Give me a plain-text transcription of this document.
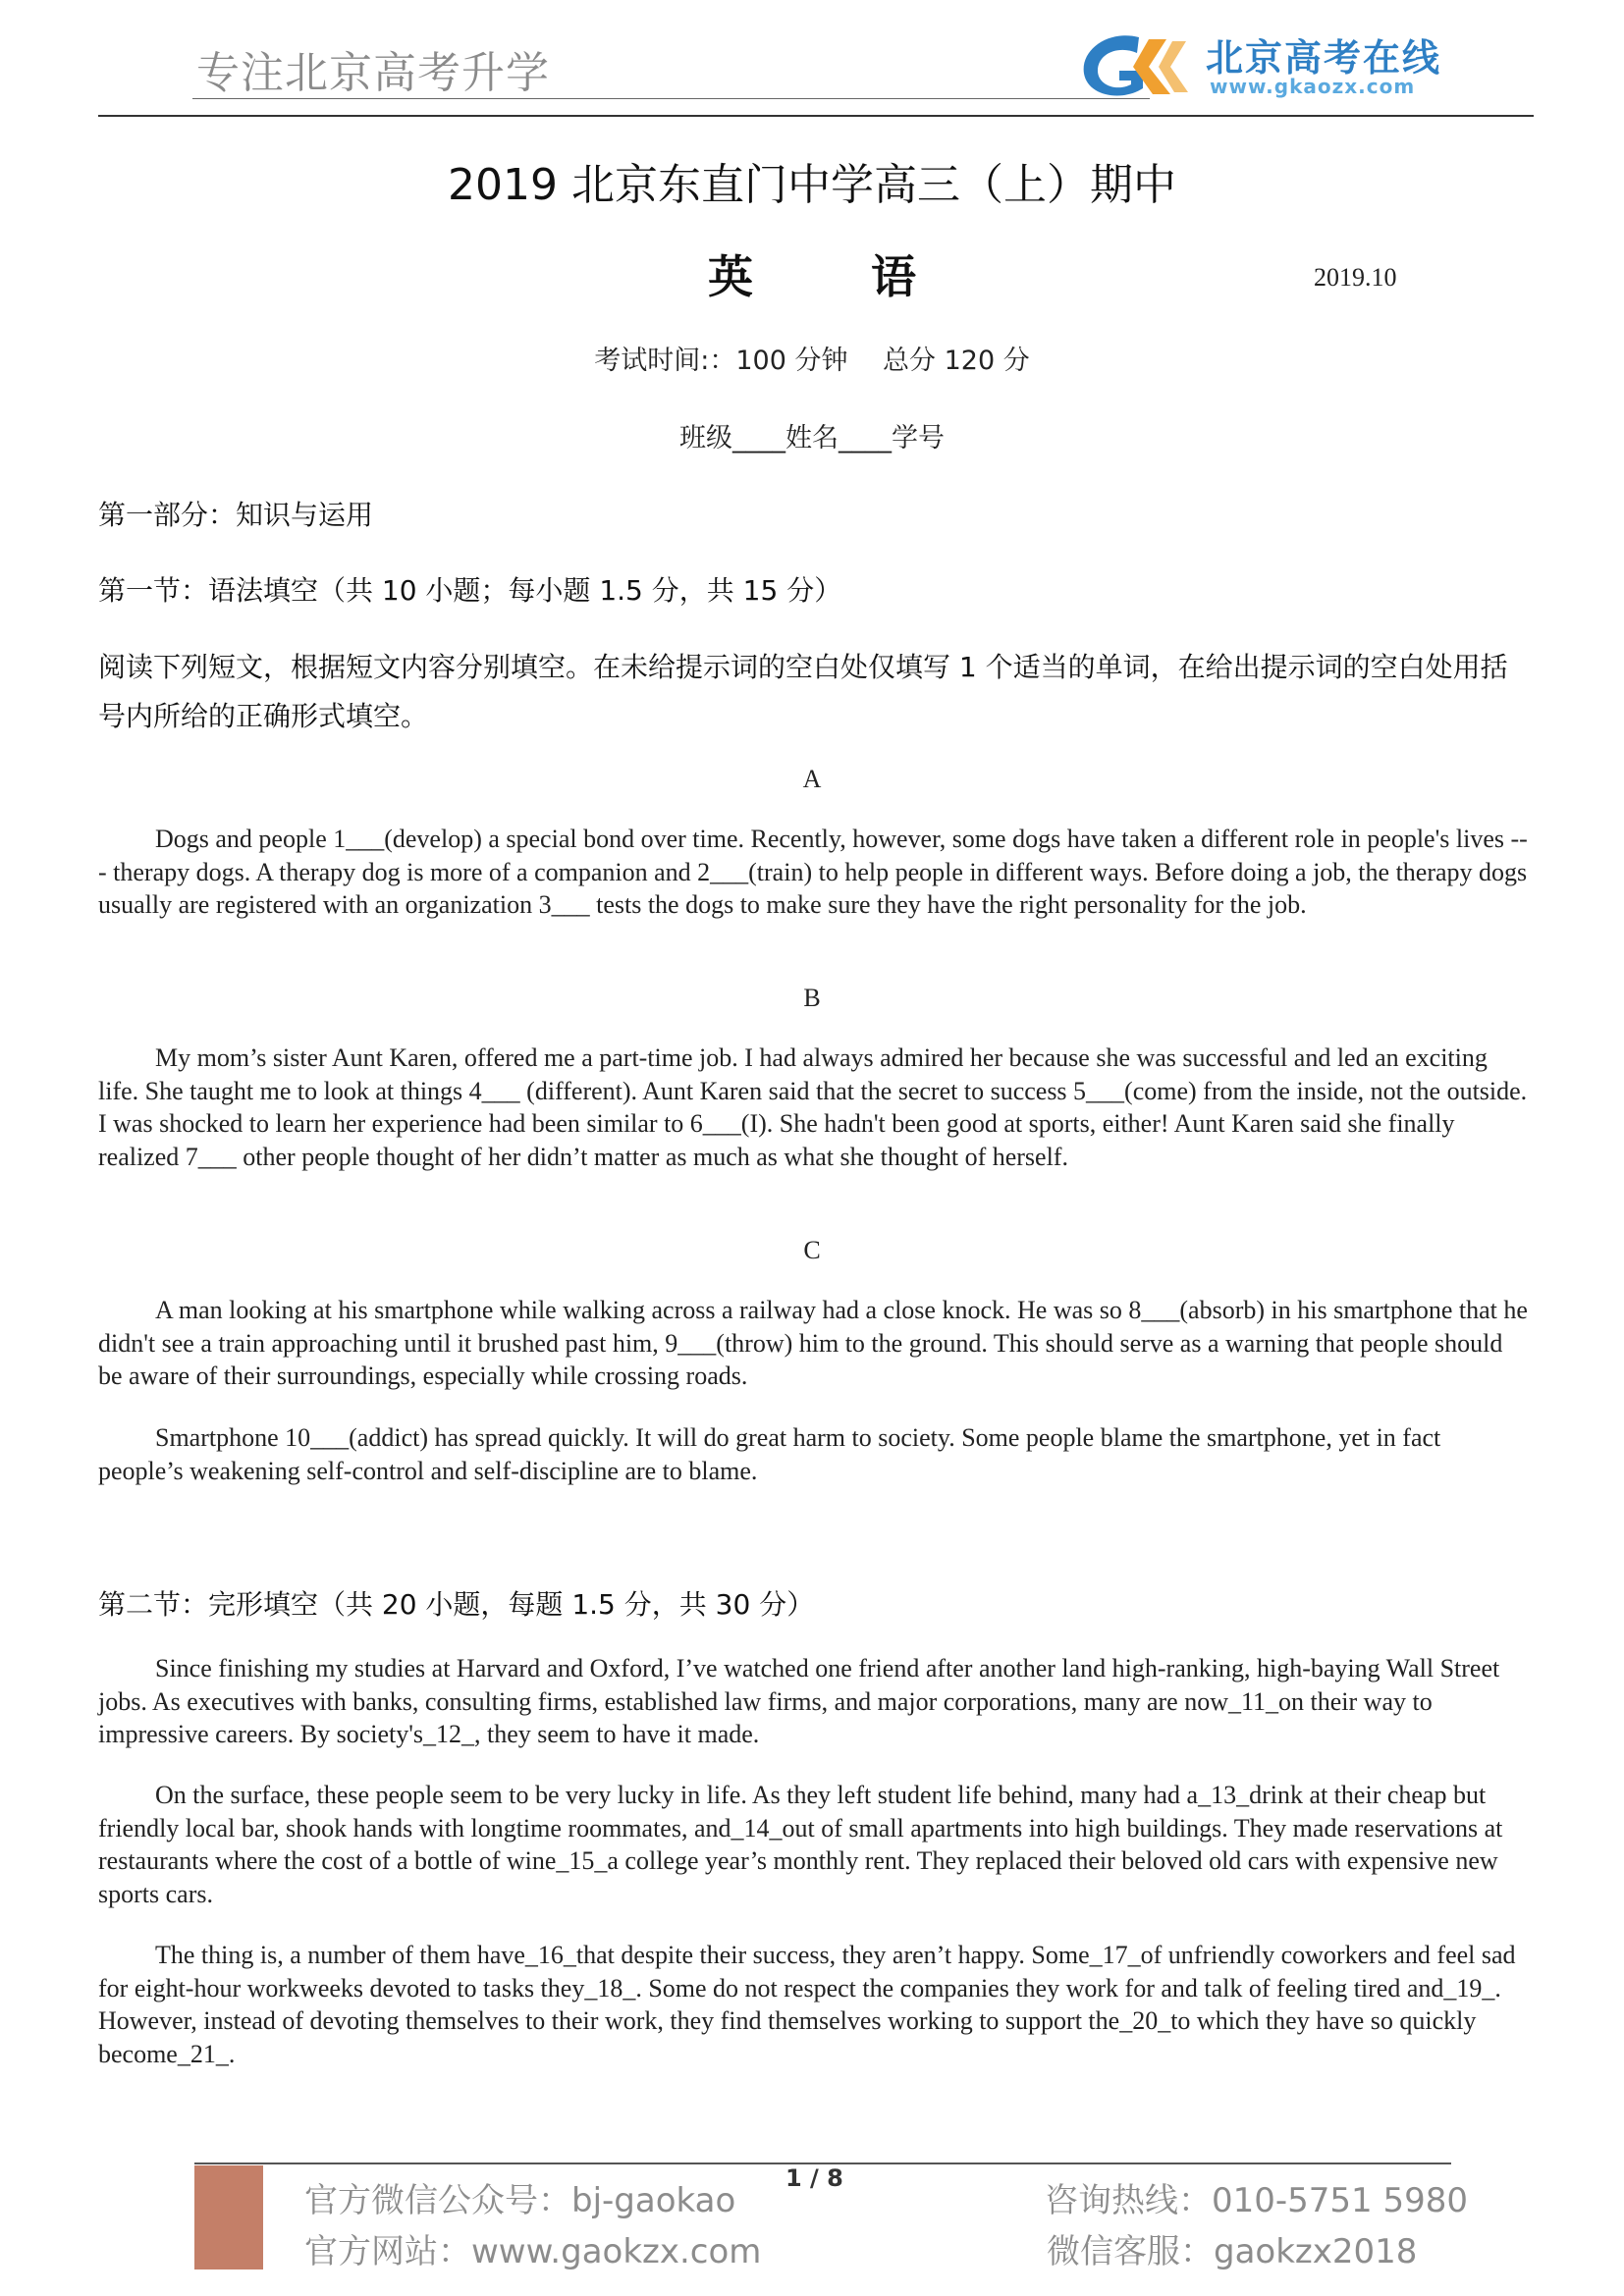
专注北京高考升学	北京高考在线
www.gkaozx.com
2019 北京东直门中学高三（上）期中
英语	2019.10
考试时间:：100 分钟　 总分 120 分
班级____姓名____学号
第一部分：知识与运用
第一节：语法填空（共 10 小题；每小题 1.5 分，共 15 分）
阅读下列短文，根据短文内容分别填空。在未给提示词的空白处仅填写 1 个适当的单词，在给出提示词的空白处用括号内所给的正确形式填空。
A
Dogs and people 1___(develop) a special bond over time. Recently, however, some dogs have taken a different role in people's lives --- therapy dogs. A therapy dog is more of a companion and 2___(train) to help people in different ways. Before doing a job, the therapy dogs usually are registered with an organization 3___ tests the dogs to make sure they have the right personality for the job.
B
My mom’s sister Aunt Karen, offered me a part-time job. I had always admired her because she was successful and led an exciting life. She taught me to look at things 4___ (different). Aunt Karen said that the secret to success 5___(come) from the inside, not the outside. I was shocked to learn her experience had been similar to 6___(I). She hadn't been good at sports, either! Aunt Karen said she finally realized 7___ other people thought of her didn’t matter as much as what she thought of herself.
C
A man looking at his smartphone while walking across a railway had a close knock. He was so 8___(absorb) in his smartphone that he didn't see a train approaching until it brushed past him, 9___(throw) him to the ground. This should serve as a warning that people should be aware of their surroundings, especially while crossing roads.
Smartphone 10___(addict) has spread quickly. It will do great harm to society. Some people blame the smartphone, yet in fact people’s weakening self-control and self-discipline are to blame.
第二节：完形填空（共 20 小题，每题 1.5 分，共 30 分）
Since finishing my studies at Harvard and Oxford, I’ve watched one friend after another land high-ranking, high-baying Wall Street jobs. As executives with banks, consulting firms, established law firms, and major corporations, many are now_11_on their way to impressive careers. By society's_12_, they seem to have it made.
On the surface, these people seem to be very lucky in life. As they left student life behind, many had a_13_drink at their cheap but friendly local bar, shook hands with longtime roommates, and_14_out of small apartments into high buildings. They made reservations at restaurants where the cost of a bottle of wine_15_a college year’s monthly rent. They replaced their beloved old cars with expensive new sports cars.
The thing is, a number of them have_16_that despite their success, they aren’t happy. Some_17_of unfriendly coworkers and feel sad for eight-hour workweeks devoted to tasks they_18_. Some do not respect the companies they work for and talk of feeling tired and_19_. However, instead of devoting themselves to their work, they find themselves working to support the_20_to which they have so quickly become_21_.
官方微信公众号：bj-gaokao
官方网站：www.gaokzx.com
1 / 8
咨询热线：010-5751 5980
微信客服：gaokzx2018
